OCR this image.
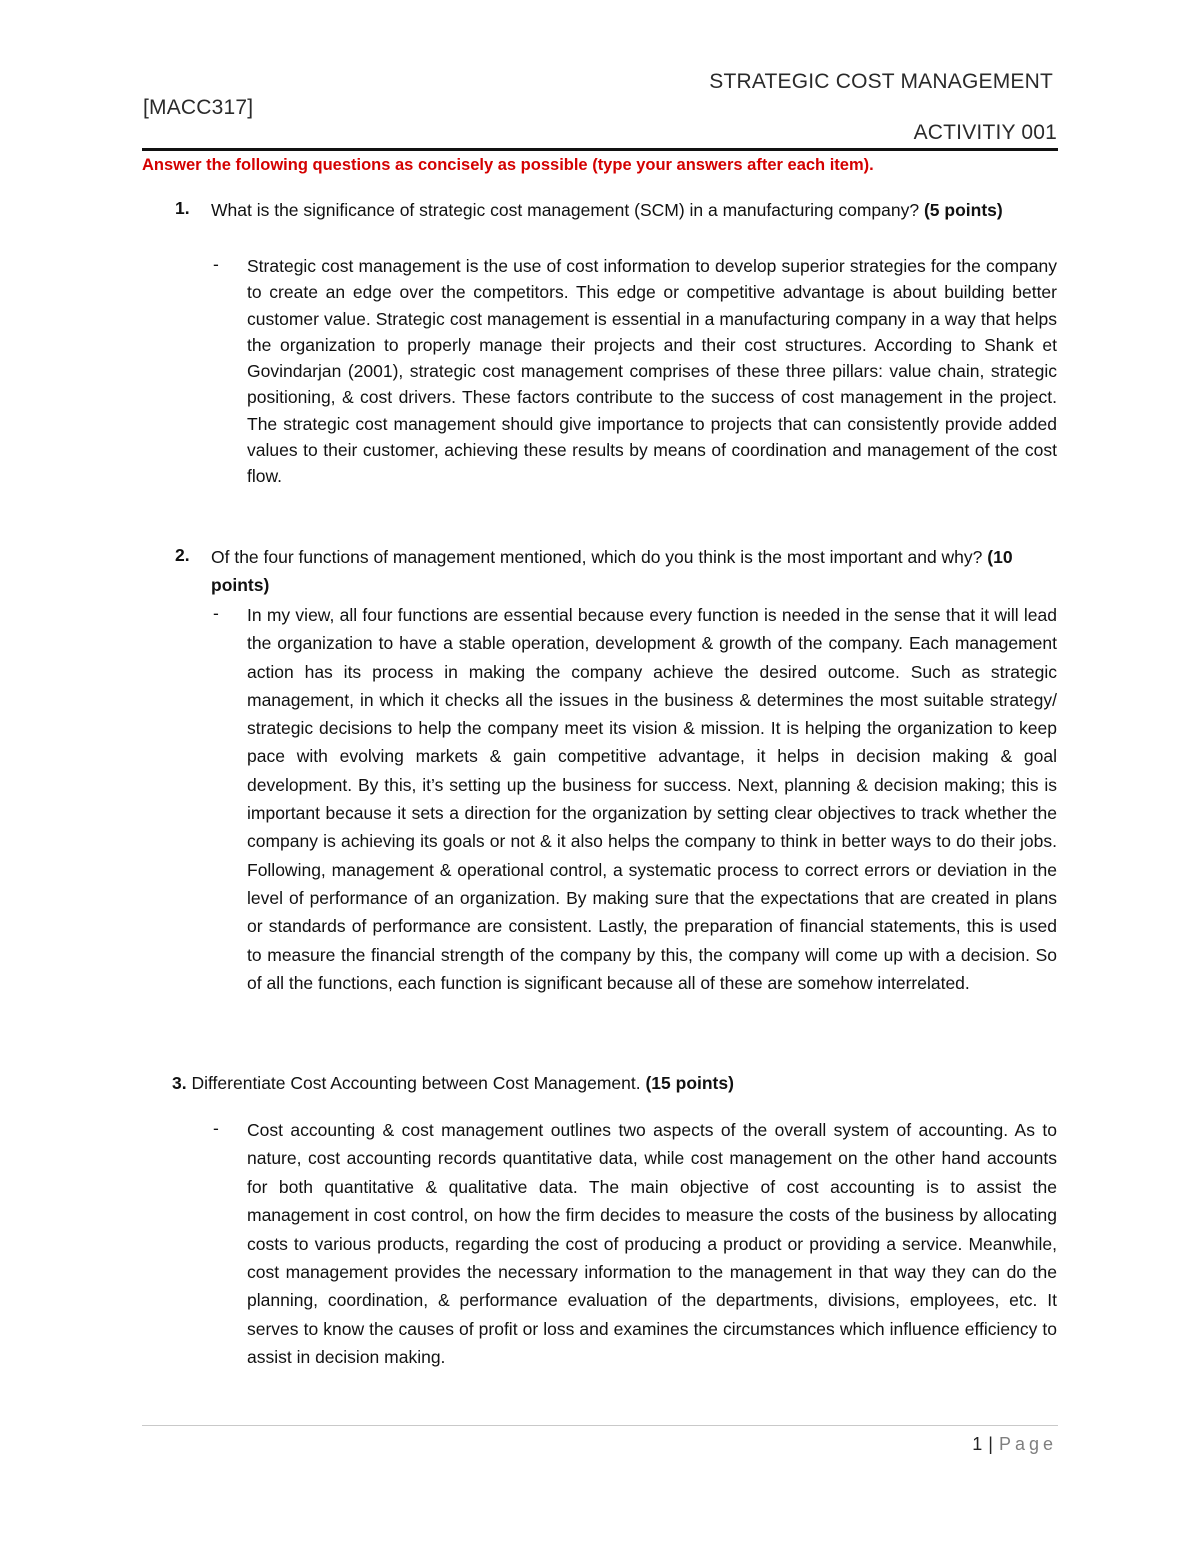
STRATEGIC COST MANAGEMENT
[MACC317]
ACTIVITIY 001
Answer the following questions as concisely as possible (type your answers after each item).
1. What is the significance of strategic cost management (SCM) in a manufacturing company? (5 points)
- Strategic cost management is the use of cost information to develop superior strategies for the company to create an edge over the competitors. This edge or competitive advantage is about building better customer value. Strategic cost management is essential in a manufacturing company in a way that helps the organization to properly manage their projects and their cost structures. According to Shank et Govindarjan (2001), strategic cost management comprises of these three pillars: value chain, strategic positioning, & cost drivers. These factors contribute to the success of cost management in the project. The strategic cost management should give importance to projects that can consistently provide added values to their customer, achieving these results by means of coordination and management of the cost flow.

2. Of the four functions of management mentioned, which do you think is the most important and why? (10 points)
- In my view, all four functions are essential because every function is needed in the sense that it will lead the organization to have a stable operation, development & growth of the company. Each management action has its process in making the company achieve the desired outcome. Such as strategic management, in which it checks all the issues in the business & determines the most suitable strategy/ strategic decisions to help the company meet its vision & mission. It is helping the organization to keep pace with evolving markets & gain competitive advantage, it helps in decision making & goal development. By this, it’s setting up the business for success. Next, planning & decision making; this is important because it sets a direction for the organization by setting clear objectives to track whether the company is achieving its goals or not & it also helps the company to think in better ways to do their jobs. Following, management & operational control, a systematic process to correct errors or deviation in the level of performance of an organization. By making sure that the expectations that are created in plans or standards of performance are consistent. Lastly, the preparation of financial statements, this is used to measure the financial strength of the company by this, the company will come up with a decision. So of all the functions, each function is significant because all of these are somehow interrelated.

3. Differentiate Cost Accounting between Cost Management. (15 points)
- Cost accounting & cost management outlines two aspects of the overall system of accounting. As to nature, cost accounting records quantitative data, while cost management on the other hand accounts for both quantitative & qualitative data. The main objective of cost accounting is to assist the management in cost control, on how the firm decides to measure the costs of the business by allocating costs to various products, regarding the cost of producing a product or providing a service. Meanwhile, cost management provides the necessary information to the management in that way they can do the planning, coordination, & performance evaluation of the departments, divisions, employees, etc. It serves to know the causes of profit or loss and examines the circumstances which influence efficiency to assist in decision making.

1 | Page
